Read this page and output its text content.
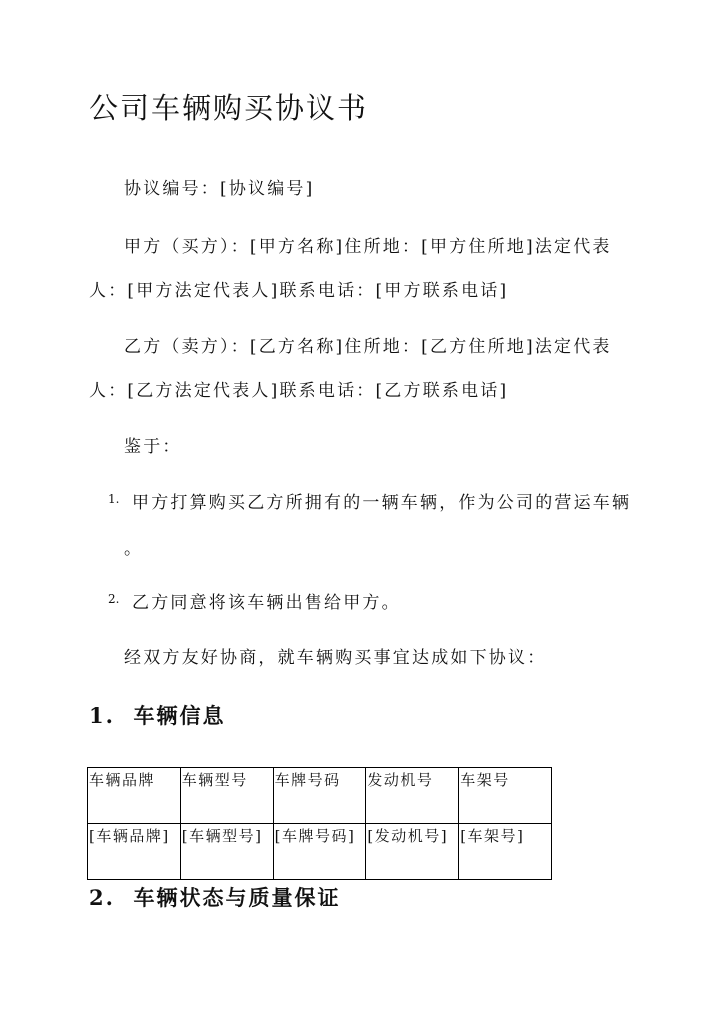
公司车辆购买协议书
协议编号：[协议编号]
甲方（买方）：[甲方名称]住所地：[甲方住所地]法定代表
人：[甲方法定代表人]联系电话：[甲方联系电话]
乙方（卖方）：[乙方名称]住所地：[乙方住所地]法定代表
人：[乙方法定代表人]联系电话：[乙方联系电话]
鉴于：
1. 甲方打算购买乙方所拥有的一辆车辆，作为公司的营运车辆
。
2. 乙方同意将该车辆出售给甲方。
经双方友好协商，就车辆购买事宜达成如下协议：
1.  车辆信息
车辆品牌	车辆型号	车牌号码	发动机号	车架号
[车辆品牌]	[车辆型号]	[车牌号码]	[发动机号]	[车架号]
2.  车辆状态与质量保证
